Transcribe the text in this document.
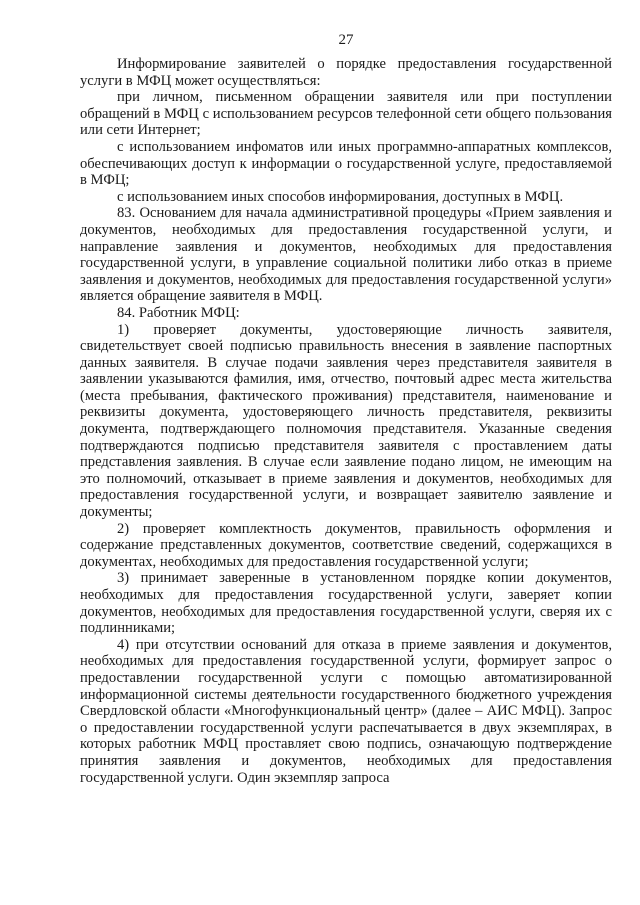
27

Информирование заявителей о порядке предоставления государственной услуги в МФЦ может осуществляться:

при личном, письменном обращении заявителя или при поступлении обращений в МФЦ с использованием ресурсов телефонной сети общего пользования или сети Интернет;

с использованием инфоматов или иных программно-аппаратных комплексов, обеспечивающих доступ к информации о государственной услуге, предоставляемой в МФЦ;

с использованием иных способов информирования, доступных в МФЦ.

83. Основанием для начала административной процедуры «Прием заявления и документов, необходимых для предоставления государственной услуги, и направление заявления и документов, необходимых для предоставления государственной услуги, в управление социальной политики либо отказ в приеме заявления и документов, необходимых для предоставления государственной услуги» является обращение заявителя в МФЦ.

84. Работник МФЦ:

1) проверяет документы, удостоверяющие личность заявителя, свидетельствует своей подписью правильность внесения в заявление паспортных данных заявителя. В случае подачи заявления через представителя заявителя в заявлении указываются фамилия, имя, отчество, почтовый адрес места жительства (места пребывания, фактического проживания) представителя, наименование и реквизиты документа, удостоверяющего личность представителя, реквизиты документа, подтверждающего полномочия представителя. Указанные сведения подтверждаются подписью представителя заявителя с проставлением даты представления заявления. В случае если заявление подано лицом, не имеющим на это полномочий, отказывает в приеме заявления и документов, необходимых для предоставления государственной услуги, и возвращает заявителю заявление и документы;

2) проверяет комплектность документов, правильность оформления и содержание представленных документов, соответствие сведений, содержащихся в документах, необходимых для предоставления государственной услуги;

3) принимает заверенные в установленном порядке копии документов, необходимых для предоставления государственной услуги, заверяет копии документов, необходимых для предоставления государственной услуги, сверяя их с подлинниками;

4) при отсутствии оснований для отказа в приеме заявления и документов, необходимых для предоставления государственной услуги, формирует запрос о предоставлении государственной услуги с помощью автоматизированной информационной системы деятельности государственного бюджетного учреждения Свердловской области «Многофункциональный центр» (далее – АИС МФЦ). Запрос о предоставлении государственной услуги распечатывается в двух экземплярах, в которых работник МФЦ проставляет свою подпись, означающую подтверждение принятия заявления и документов, необходимых для предоставления государственной услуги. Один экземпляр запроса
